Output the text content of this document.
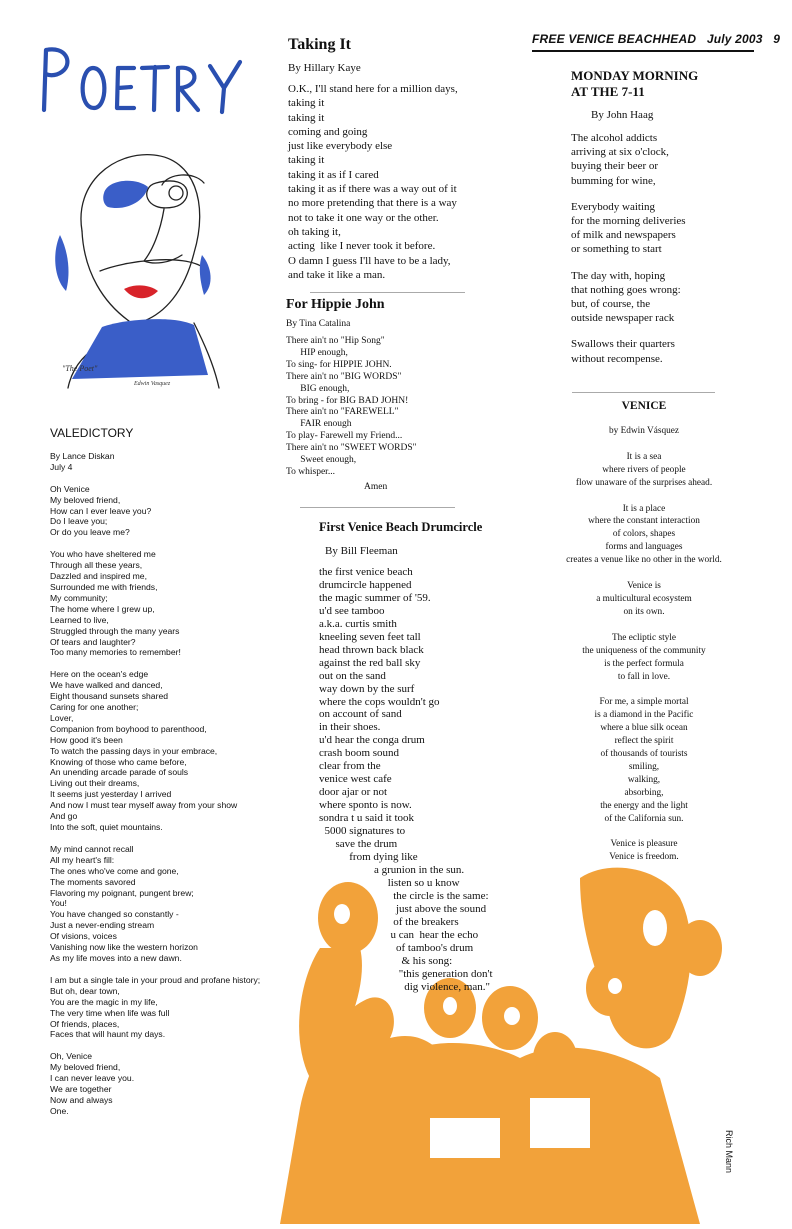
"The Poet"
Edwin Vasquez
FREE VENICE BEACHHEAD   July 2003   9
VALEDICTORY
By Lance Diskan
July 4
Oh Venice
My beloved friend,
How can I ever leave you?
Do I leave you;
Or do you leave me?
You who have sheltered me
Through all these years,
Dazzled and inspired me,
Surrounded me with friends,
My community;
The home where I grew up,
Learned to live,
Struggled through the many years
Of tears and laughter?
Too many memories to remember!
Here on the ocean's edge
We have walked and danced,
Eight thousand sunsets shared
Caring for one another;
Lover,
Companion from boyhood to parenthood,
How good it's been
To watch the passing days in your embrace,
Knowing of those who came before,
An unending arcade parade of souls
Living out their dreams,
It seems just yesterday I arrived
And now I must tear myself away from your show
And go
Into the soft, quiet mountains.
My mind cannot recall
All my heart's fill:
The ones who've come and gone,
The moments savored
Flavoring my poignant, pungent brew;
You!
You have changed so constantly -
Just a never-ending stream
Of visions, voices
Vanishing now like the western horizon
As my life moves into a new dawn.
I am but a single tale in your proud and profane history;
But oh, dear town,
You are the magic in my life,
The very time when life was full
Of friends, places,
Faces that will haunt my days.
Oh, Venice
My beloved friend,
I can never leave you.
We are together
Now and always
One.
Taking It
By Hillary Kaye
O.K., I'll stand here for a million days,
taking it
taking it
coming and going
just like everybody else
taking it
taking it as if I cared
taking it as if there was a way out of it
no more pretending that there is a way
not to take it one way or the other.
oh taking it,
acting  like I never took it before.
O damn I guess I'll have to be a lady,
and take it like a man.
For Hippie John
By Tina Catalina
There ain't no "Hip Song"
HIP enough,
To sing- for HIPPIE JOHN.
There ain't no "BIG WORDS"
BIG enough,
To bring - for BIG BAD JOHN!
There ain't no "FAREWELL"
FAIR enough
To play- Farewell my Friend...
There ain't no "SWEET WORDS"
Sweet enough,
To whisper...
Amen
First Venice Beach Drumcircle
By Bill Fleeman
the first venice beach
drumcircle happened
the magic summer of '59.
u'd see tamboo
a.k.a. curtis smith
kneeling seven feet tall
head thrown back black
against the red ball sky
out on the sand
way down by the surf
where the cops wouldn't go
on account of sand
in their shoes.
u'd hear the conga drum
crash boom sound
clear from the
venice west cafe
door ajar or not
where sponto is now.
sondra t u said it took
5000 signatures to
save the drum
from dying like
a grunion in the sun.
listen so u know
the circle is the same:
just above the sound
of the breakers
u can  hear the echo
of tamboo's drum
& his song:
"this generation don't
dig violence, man."
MONDAY MORNING
AT THE 7-11
By John Haag
The alcohol addicts
arriving at six o'clock,
buying their beer or
bumming for wine,
Everybody waiting
for the morning deliveries
of milk and newspapers
or something to start
The day with, hoping
that nothing goes wrong:
but, of course, the
outside newspaper rack
Swallows their quarters
without recompense.
VENICE
by Edwin Vásquez
It is a sea
where rivers of people
flow unaware of the surprises ahead.
It is a place
where the constant interaction
of colors, shapes
forms and languages
creates a venue like no other in the world.
Venice is
a multicultural ecosystem
on its own.
The ecliptic style
the uniqueness of the community
is the perfect formula
to fall in love.
For me, a simple mortal
is a diamond in the Pacific
where a blue silk ocean
reflect the spirit
of thousands of tourists
smiling,
walking,
absorbing,
the energy and the light
of the California sun.
Venice is pleasure
Venice is freedom.
Rich Mann
